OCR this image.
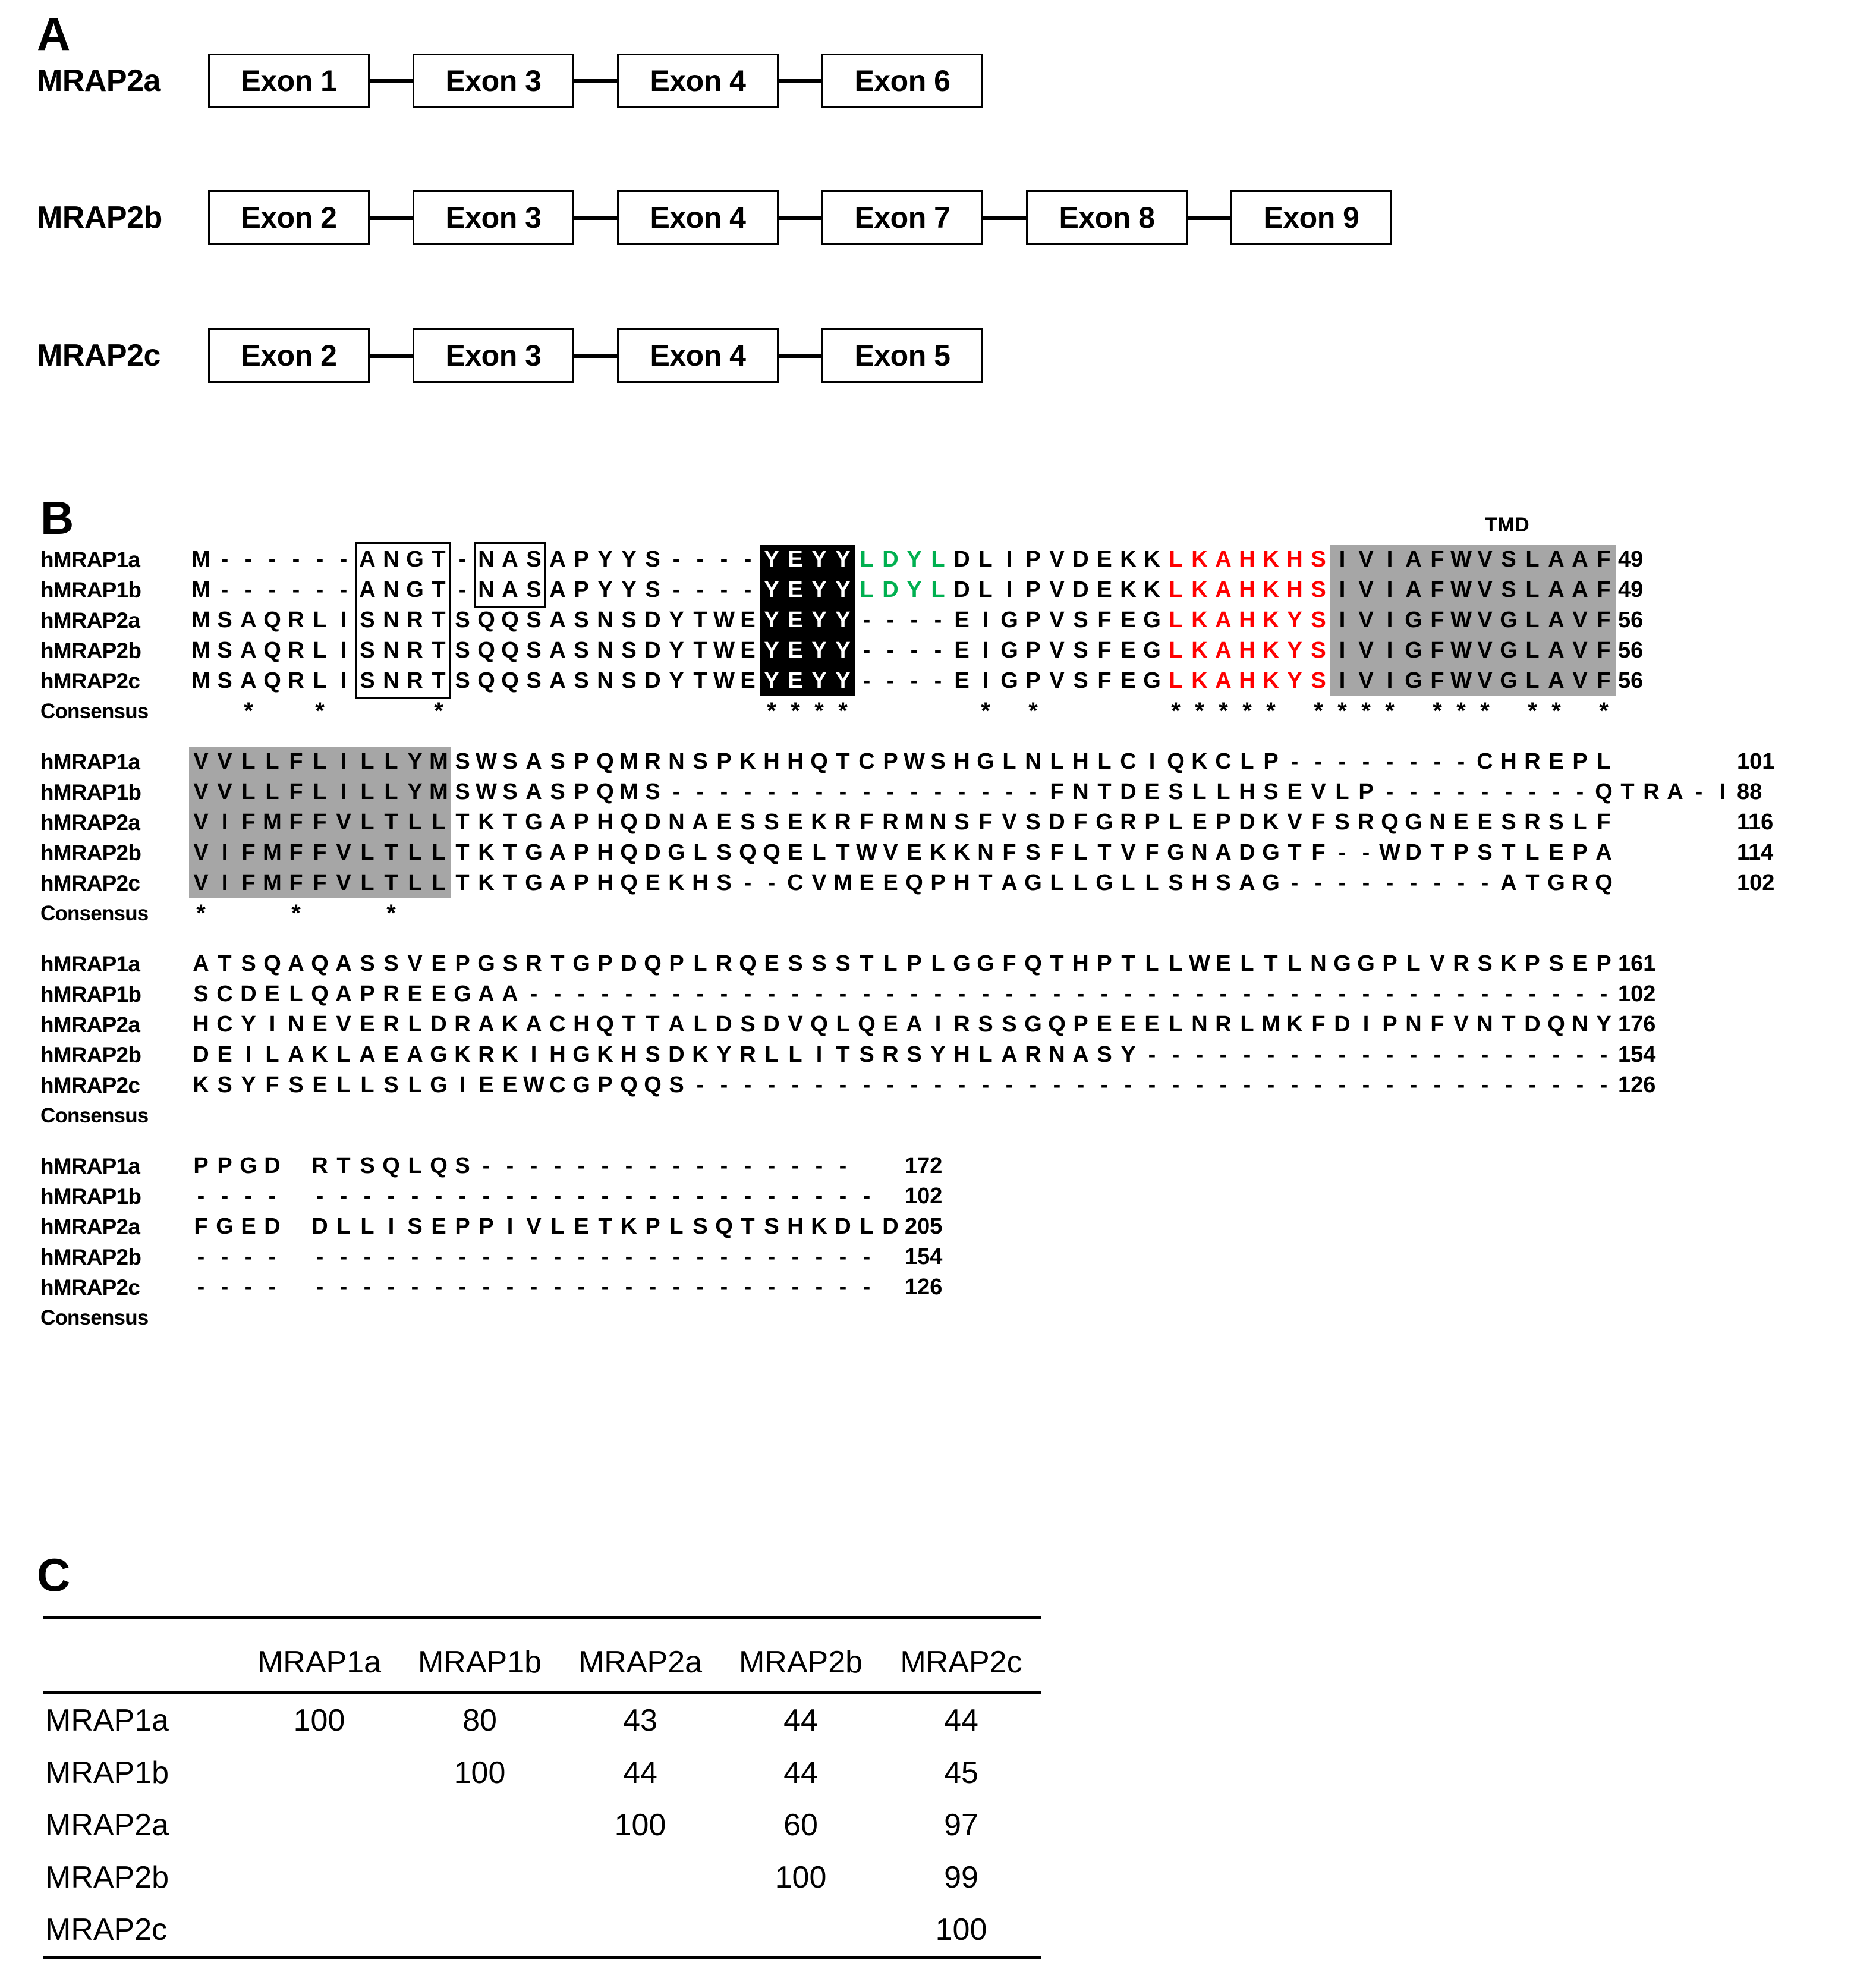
A
MRAP2a	Exon 1	Exon 3	Exon 4	Exon 6
MRAP2b	Exon 2	Exon 3	Exon 4	Exon 7	Exon 8	Exon 9
MRAP2c	Exon 2	Exon 3	Exon 4	Exon 5
B	TMD
hMRAP1a	M - - - - - - A N G T - N A S A P Y Y S - - - - Y E Y Y L D Y L D L I P V D E K K L K A H K H S I V I A F W V S L A A F 49
hMRAP1b	M - - - - - - A N G T - N A S A P Y Y S - - - - Y E Y Y L D Y L D L I P V D E K K L K A H K H S I V I A F W V S L A A F 49
hMRAP2a	M S A Q R L I S N R T S Q Q S A S N S D Y T W E Y E Y Y - - - - E I G P V S F E G L K A H K Y S I V I G F W V G L A V F 56
hMRAP2b	M S A Q R L I S N R T S Q Q S A S N S D Y T W E Y E Y Y - - - - E I G P V S F E G L K A H K Y S I V I G F W V G L A V F 56
hMRAP2c	M S A Q R L I S N R T S Q Q S A S N S D Y T W E Y E Y Y - - - - E I G P V S F E G L K A H K Y S I V I G F W V G L A V F 56
Consensus	*	*	*	* * * *	*	*	* * * * *	* * * *	* * *	* *	*
hMRAP1a	V V L L F L I L L Y M S W S A S P Q M R N S P K H H Q T C P W S H G L N L H L C I Q K C L P - - - - - - - - C H R E P L	101
hMRAP1b	V V L L F L I L L Y M S W S A S P Q M S - - - - - - - - - - - - - - - - F N T D E S L L H S E V L P - - - - - - - - - Q T R A - I 88
hMRAP2a	V I F M F F V L T L L T K T G A P H Q D N A E S S E K R F R M N S F V S D F G R P L E P D K V F S R Q G N E E S R S L F	116
hMRAP2b	V I F M F F V L T L L T K T G A P H Q D G L S Q Q E L T W V E K K N F S F L T V F G N A D G T F - - W D T P S T L E P A	114
hMRAP2c	V I F M F F V L T L L T K T G A P H Q E K H S - - C V M E E Q P H T A G L L G L L S H S A G - - - - - - - - - A T G R Q	102
Consensus	*	*	*
hMRAP1a	A T S Q A Q A S S V E P G S R T G P D Q P L R Q E S S S T L P L G G F Q T H P T L L W E L T L N G G P L V R S K P S E P 161
hMRAP1b	S C D E L Q A P R E E G A A - - - - - - - - - - - - - - - - - - - - - - - - - - - - - - - - - - - - - - - - - - - - - - 102
hMRAP2a	H C Y I N E V E R L D R A K A C H Q T T A L D S D V Q L Q E A I R S S G Q P E E E L N R L M K F D I P N F V N T D Q N Y 176
hMRAP2b	D E I L A K L A E A G K R K I H G K H S D K Y R L L I T S R S Y H L A R N A S Y - - - - - - - - - - - - - - - - - - - - 154
hMRAP2c	K S Y F S E L L S L G I E E W C G P Q Q S - - - - - - - - - - - - - - - - - - - - - - - - - - - - - - - - - - - - - - - 126
Consensus
hMRAP1a	P P G D R T S Q L Q S - - - - - - - - - - - - - - - -	172
hMRAP1b	- - - -	- - - - - - - - - - - - - - - - - - - - - - - -	102
hMRAP2a	F G E D D L L I S E P P I V L E T K P L S Q T S H K D L D 205
hMRAP2b	- - - -	- - - - - - - - - - - - - - - - - - - - - - - -	154
hMRAP2c	- - - -	- - - - - - - - - - - - - - - - - - - - - - - -	126
Consensus
C

	MRAP1a	MRAP1b	MRAP2a	MRAP2b	MRAP2c
MRAP1a	100	80	43	44	44
MRAP1b		100	44	44	45
MRAP2a			100	60	97
MRAP2b				100	99
MRAP2c					100
